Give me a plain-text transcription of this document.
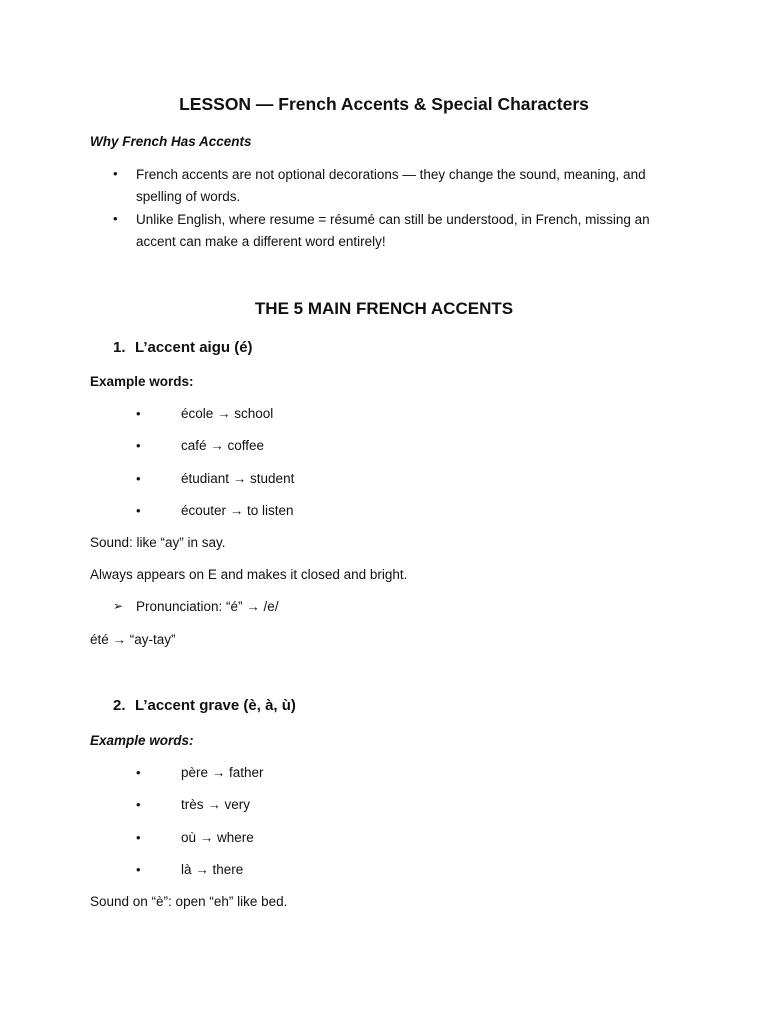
LESSON — French Accents & Special Characters
Why French Has Accents
• French accents are not optional decorations — they change the sound, meaning, and spelling of words.
• Unlike English, where resume = résumé can still be understood, in French, missing an accent can make a different word entirely!
THE 5 MAIN FRENCH ACCENTS
1. L’accent aigu (é)
Example words:
•	école → school
•	café → coffee
•	étudiant → student
•	écouter → to listen
Sound: like “ay” in say.
Always appears on E and makes it closed and bright.
➢ Pronunciation: “é” → /e/
été → “ay-tay”
2. L’accent grave (è, à, ù)
Example words:
•	père → father
•	très → very
•	où → where
•	là → there
Sound on “è”: open “eh” like bed.
